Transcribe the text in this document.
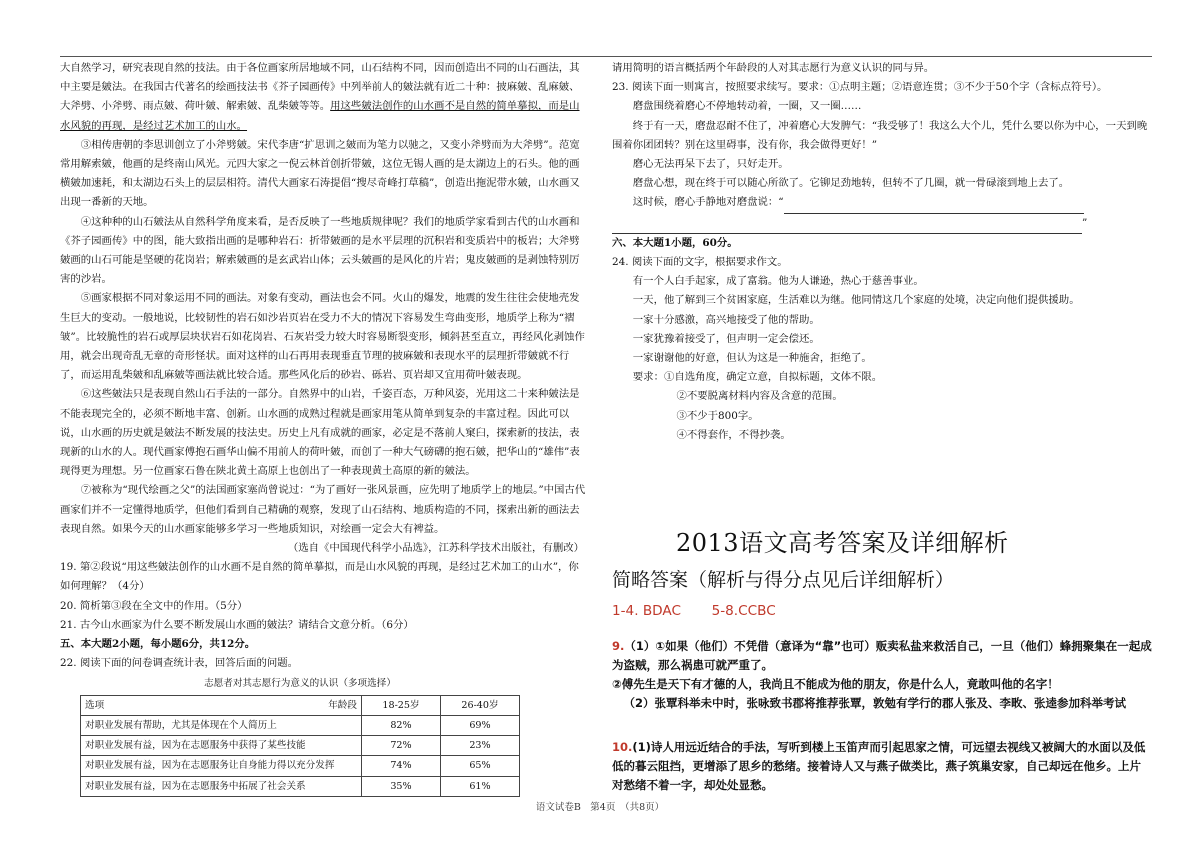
大自然学习，研究表现自然的技法。由于各位画家所居地域不同，山石结构不同，因而创造出不同的山石画法，其中主要是皴法。在我国古代著名的绘画技法书《芥子园画传》中列举前人的皴法就有近二十种：披麻皴、乱麻皴、大斧劈、小斧劈、雨点皴、荷叶皴、解索皴、乱柴皴等等。用这些皴法创作的山水画不是自然的简单摹拟，而是山水风貌的再现，是经过艺术加工的山水。

③相传唐朝的李思训创立了小斧劈皴。宋代李唐“扩思训之皴而为笔力以驰之，又变小斧劈而为大斧劈”。范宽常用解索皴，他画的是终南山风光。元四大家之一倪云林首创折带皴，这位无锡人画的是太湖边上的石头。他的画横皴加速耗，和太湖边石头上的层层相符。清代大画家石涛提倡“搜尽奇峰打草稿”，创造出拖泥带水皴，山水画又出现一番新的天地。

④这种种的山石皴法从自然科学角度来看，是否反映了一些地质规律呢？我们的地质学家看到古代的山水画和《芥子园画传》中的图，能大致指出画的是哪种岩石：折带皴画的是水平层理的沉积岩和变质岩中的板岩；大斧劈皴画的山石可能是坚硬的花岗岩；解索皴画的是玄武岩山体；云头皴画的是风化的片岩；鬼皮皴画的是剥蚀特别厉害的沙岩。

⑤画家根据不同对象运用不同的画法。对象有变动，画法也会不同。火山的爆发，地震的发生往往会使地壳发生巨大的变动。一般地说，比较韧性的岩石如沙岩页岩在受力不大的情况下容易发生弯曲变形，地质学上称为“褶皱”。比较脆性的岩石或厚层块状岩石如花岗岩、石灰岩受力较大时容易断裂变形，倾斜甚至直立，再经风化剥蚀作用，就会出现奇乱无章的奇形怪状。面对这样的山石再用表现垂直节理的披麻皴和表现水平的层理折带皴就不行了，而运用乱柴皴和乱麻皴等画法就比较合适。那些风化后的砂岩、砾岩、页岩却又宜用荷叶皴表现。

⑥这些皴法只是表现自然山石手法的一部分。自然界中的山岩，千姿百态，万种风姿，光用这二十来种皴法是不能表现完全的，必须不断地丰富、创新。山水画的成熟过程就是画家用笔从简单到复杂的丰富过程。因此可以说，山水画的历史就是皴法不断发展的技法史。历史上凡有成就的画家，必定是不落前人窠臼，探索新的技法，表现新的山水的人。现代画家傅抱石画华山偏不用前人的荷叶皴，而创了一种大气磅礴的抱石皴，把华山的“雄伟”表现得更为理想。另一位画家石鲁在陕北黄土高原上也创出了一种表现黄土高原的新的皴法。

⑦被称为“现代绘画之父”的法国画家塞尚曾说过：“为了画好一张风景画，应先明了地质学上的地层。”中国古代画家们并不一定懂得地质学，但他们看到自己精确的观察，发现了山石结构、地质构造的不同，探索出新的画法去表现自然。如果今天的山水画家能够多学习一些地质知识，对绘画一定会大有裨益。

（选自《中国现代科学小品选》，江苏科学技术出版社，有删改）

19. 第②段说“用这些皴法创作的山水画不是自然的简单摹拟，而是山水风貌的再现，是经过艺术加工的山水”，你如何理解？（4分）

20. 简析第③段在全文中的作用。（5分）

21. 古今山水画家为什么要不断发展山水画的皴法？请结合文意分析。（6分）

五、本大题2小题，每小题6分，共12分。

22. 阅读下面的问卷调查统计表，回答后面的问题。

志愿者对其志愿行为意义的认识（多项选择）
选项 年龄段	18-25岁	26-40岁
对职业发展有帮助，尤其是体现在个人简历上	82%	69%
对职业发展有益，因为在志愿服务中获得了某些技能	72%	23%
对职业发展有益，因为在志愿服务让自身能力得以充分发挥	74%	65%
对职业发展有益，因为在志愿服务中拓展了社会关系	35%	61%

请用简明的语言概括两个年龄段的人对其志愿行为意义认识的同与异。

23. 阅读下面一则寓言，按照要求续写。要求：①点明主题；②语意连贯；③不少于50个字（含标点符号）。

磨盘围绕着磨心不停地转动着，一圈，又一圈……

终于有一天，磨盘忍耐不住了，冲着磨心大发脾气：“我受够了！我这么大个儿，凭什么要以你为中心，一天到晚围着你团团转？别在这里碍事，没有你，我会做得更好！”

磨心无法再呆下去了，只好走开。

磨盘心想，现在终于可以随心所欲了。它铆足劲地转，但转不了几圈，就一骨碌滚到地上去了。

这时候，磨心手静地对磨盘说：“

”

六、本大题1小题，60分。

24. 阅读下面的文字，根据要求作文。

有一个人白手起家，成了富翁。他为人谦逊，热心于慈善事业。

一天，他了解到三个贫困家庭，生活难以为继。他同情这几个家庭的处境，决定向他们提供援助。

一家十分感激，高兴地接受了他的帮助。

一家犹豫着接受了，但声明一定会偿还。

一家谢谢他的好意，但认为这是一种施舍，拒绝了。

要求：①自选角度，确定立意，自拟标题，文体不限。

②不要脱离材料内容及含意的范围。

③不少于800字。

④不得套作，不得抄袭。

2013语文高考答案及详细解析
简略答案（解析与得分点见后详细解析）
1-4. BDAC 5-8.CCBC
9.（1）①如果（他们）不凭借（意译为“靠”也可）贩卖私盐来救活自己，一旦（他们）蜂拥聚集在一起成为盗贼，那么祸患可就严重了。
②傅先生是天下有才德的人，我尚且不能成为他的朋友，你是什么人，竟敢叫他的名字！
（2）张覃科举未中时，张咏致书郡将推荐张覃，敦勉有学行的郡人张及、李畋、张逵参加科举考试
10.(1)诗人用远近结合的手法，写听到楼上玉笛声而引起思家之情，可远望去视线又被阔大的水面以及低低的暮云阻挡，更增添了思乡的愁绪。接着诗人又与燕子做类比，燕子筑巢安家，自己却远在他乡。上片对愁绪不着一字，却处处显愁。
语文试卷B　第4页　（共8页）
